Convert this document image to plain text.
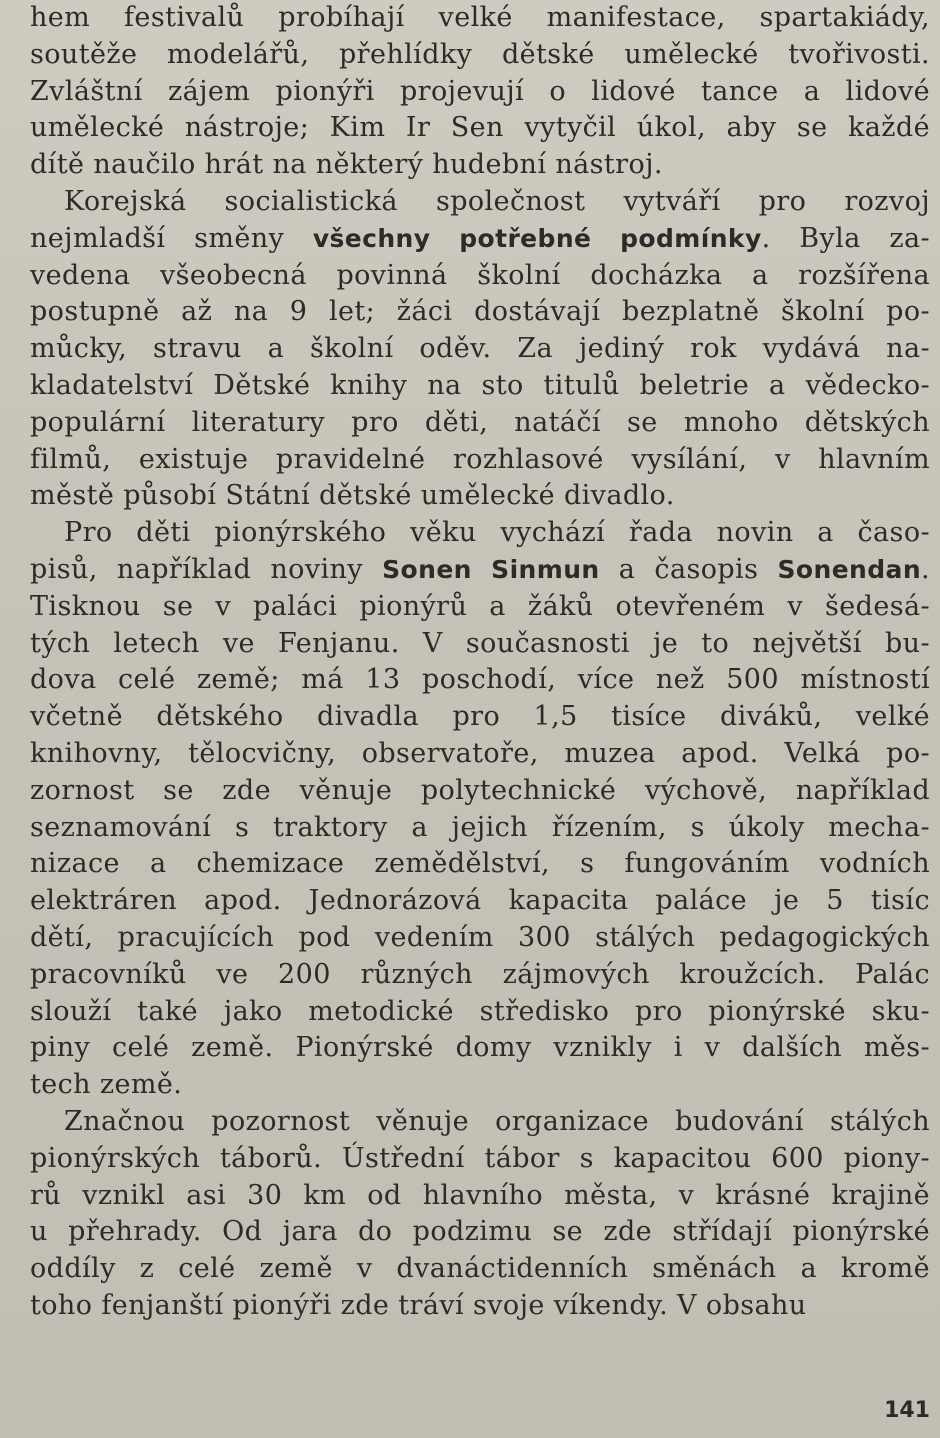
hem festivalů probíhají velké manifestace, spartakiády,
soutěže modelářů, přehlídky dětské umělecké tvořivosti.
Zvláštní zájem pionýři projevují o lidové tance a lidové
umělecké nástroje; Kim Ir Sen vytyčil úkol, aby se každé
dítě naučilo hrát na některý hudební nástroj.
Korejská socialistická společnost vytváří pro rozvoj
nejmladší směny všechny potřebné podmínky. Byla za-
vedena všeobecná povinná školní docházka a rozšířena
postupně až na 9 let; žáci dostávají bezplatně školní po-
můcky, stravu a školní oděv. Za jediný rok vydává na-
kladatelství Dětské knihy na sto titulů beletrie a vědecko-
populární literatury pro děti, natáčí se mnoho dětských
filmů, existuje pravidelné rozhlasové vysílání, v hlavním
městě působí Státní dětské umělecké divadlo.
Pro děti pionýrského věku vychází řada novin a časo-
pisů, například noviny Sonen Sinmun a časopis Sonendan.
Tisknou se v paláci pionýrů a žáků otevřeném v šedesá-
tých letech ve Fenjanu. V současnosti je to největší bu-
dova celé země; má 13 poschodí, více než 500 místností
včetně dětského divadla pro 1,5 tisíce diváků, velké
knihovny, tělocvičny, observatoře, muzea apod. Velká po-
zornost se zde věnuje polytechnické výchově, například
seznamování s traktory a jejich řízením, s úkoly mecha-
nizace a chemizace zemědělství, s fungováním vodních
elektráren apod. Jednorázová kapacita paláce je 5 tisíc
dětí, pracujících pod vedením 300 stálých pedagogických
pracovníků ve 200 různých zájmových kroužcích. Palác
slouží také jako metodické středisko pro pionýrské sku-
piny celé země. Pionýrské domy vznikly i v dalších měs-
tech země.
Značnou pozornost věnuje organizace budování stálých
pionýrských táborů. Ústřední tábor s kapacitou 600 piony-
rů vznikl asi 30 km od hlavního města, v krásné krajině
u přehrady. Od jara do podzimu se zde střídají pionýrské
oddíly z celé země v dvanáctidenních směnách a kromě
toho fenjanští pionýři zde tráví svoje víkendy. V obsahu
141
